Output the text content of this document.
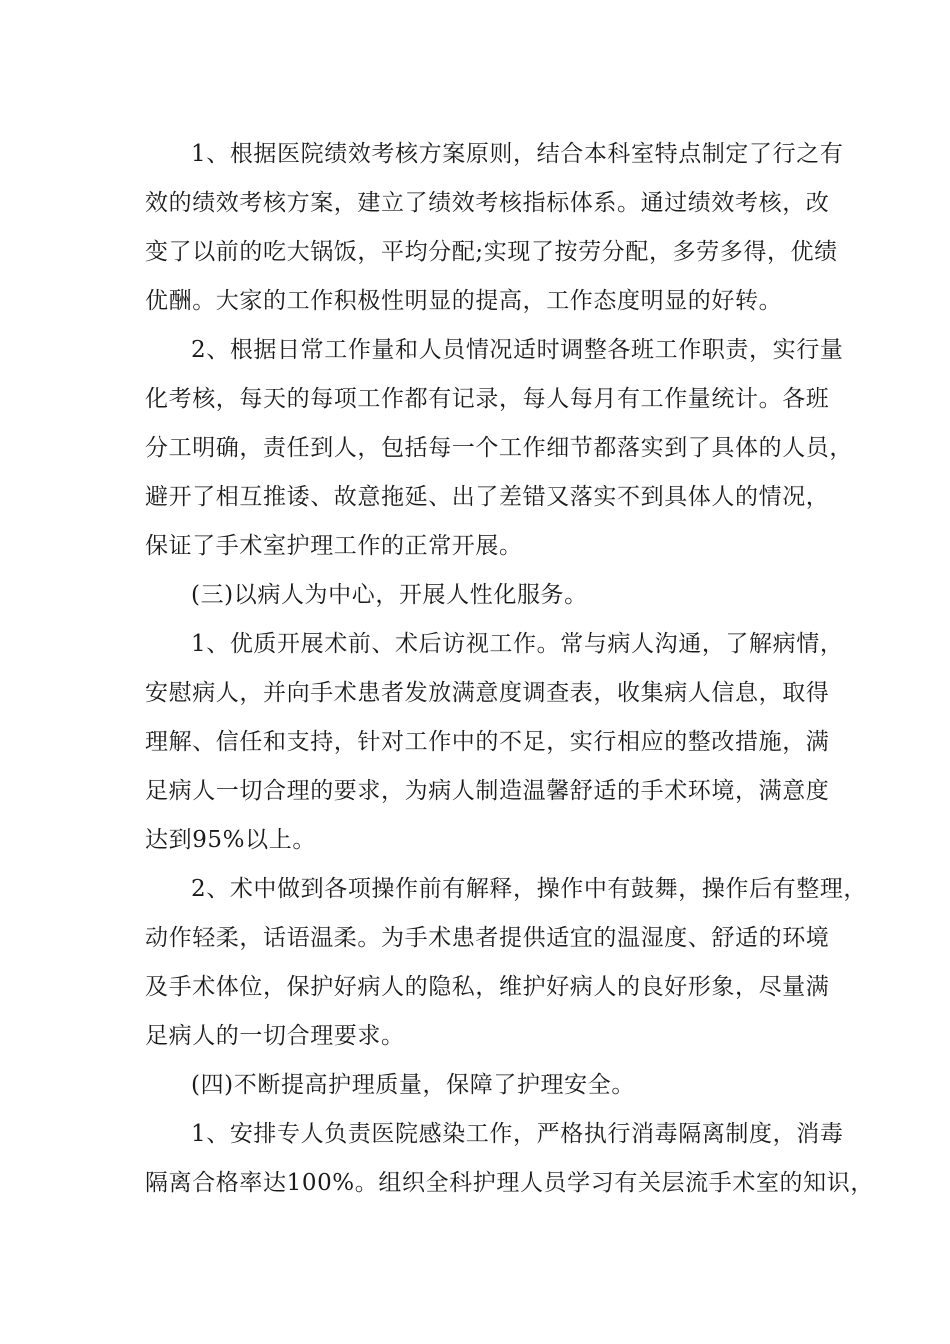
1、根据医院绩效考核方案原则，结合本科室特点制定了行之有
效的绩效考核方案，建立了绩效考核指标体系。通过绩效考核，改
变了以前的吃大锅饭，平均分配;实现了按劳分配，多劳多得，优绩
优酬。大家的工作积极性明显的提高，工作态度明显的好转。
2、根据日常工作量和人员情况适时调整各班工作职责，实行量
化考核，每天的每项工作都有记录，每人每月有工作量统计。各班
分工明确，责任到人，包括每一个工作细节都落实到了具体的人员，
避开了相互推诿、故意拖延、出了差错又落实不到具体人的情况，
保证了手术室护理工作的正常开展。
(三)以病人为中心，开展人性化服务。
1、优质开展术前、术后访视工作。常与病人沟通，了解病情，
安慰病人，并向手术患者发放满意度调查表，收集病人信息，取得
理解、信任和支持，针对工作中的不足，实行相应的整改措施，满
足病人一切合理的要求，为病人制造温馨舒适的手术环境，满意度
达到95%以上。
2、术中做到各项操作前有解释，操作中有鼓舞，操作后有整理，
动作轻柔，话语温柔。为手术患者提供适宜的温湿度、舒适的环境
及手术体位，保护好病人的隐私，维护好病人的良好形象，尽量满
足病人的一切合理要求。
(四)不断提高护理质量，保障了护理安全。
1、安排专人负责医院感染工作，严格执行消毒隔离制度，消毒
隔离合格率达100%。组织全科护理人员学习有关层流手术室的知识，
